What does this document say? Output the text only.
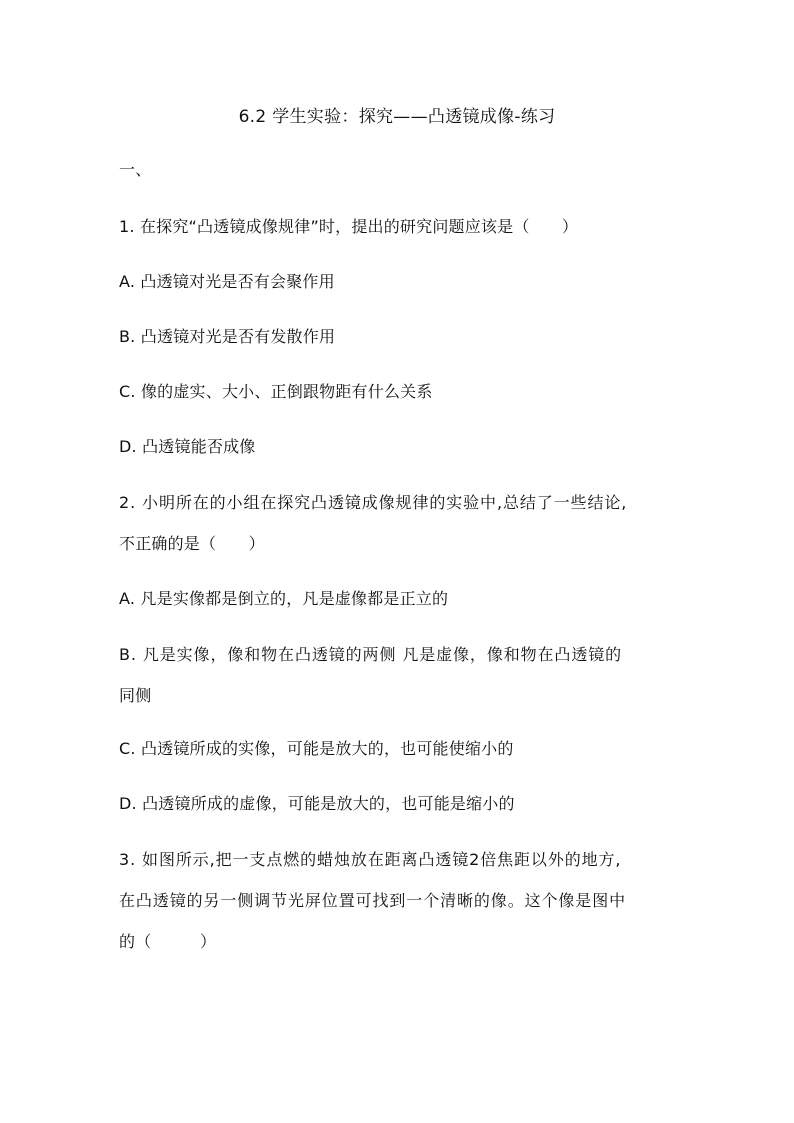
6.2 学生实验：探究——凸透镜成像-练习
一、
1. 在探究“凸透镜成像规律”时，提出的研究问题应该是（　　）
A. 凸透镜对光是否有会聚作用
B. 凸透镜对光是否有发散作用
C. 像的虚实、大小、正倒跟物距有什么关系
D. 凸透镜能否成像
2. 小明所在的小组在探究凸透镜成像规律的实验中,总结了一些结论,
不正确的是（　　）
A. 凡是实像都是倒立的，凡是虚像都是正立的
B. 凡是实像，像和物在凸透镜的两侧 凡是虚像，像和物在凸透镜的
同侧
C. 凸透镜所成的实像，可能是放大的，也可能使缩小的
D. 凸透镜所成的虚像，可能是放大的，也可能是缩小的
3. 如图所示,把一支点燃的蜡烛放在距离凸透镜2倍焦距以外的地方,
在凸透镜的另一侧调节光屏位置可找到一个清晰的像。这个像是图中
的（　　　）
